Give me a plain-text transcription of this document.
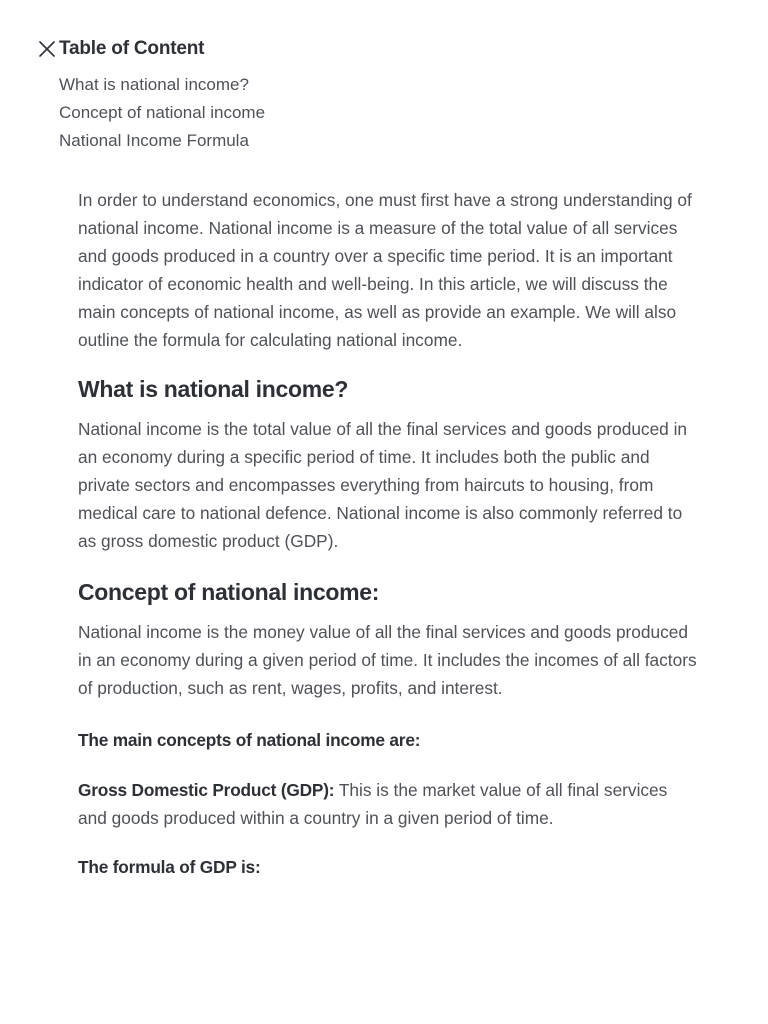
Table of Content
What is national income?
Concept of national income
National Income Formula

In order to understand economics, one must first have a strong understanding of national income. National income is a measure of the total value of all services and goods produced in a country over a specific time period. It is an important indicator of economic health and well-being. In this article, we will discuss the main concepts of national income, as well as provide an example. We will also outline the formula for calculating national income.

What is national income?

National income is the total value of all the final services and goods produced in an economy during a specific period of time. It includes both the public and private sectors and encompasses everything from haircuts to housing, from medical care to national defence. National income is also commonly referred to as gross domestic product (GDP).

Concept of national income:

National income is the money value of all the final services and goods produced in an economy during a given period of time. It includes the incomes of all factors of production, such as rent, wages, profits, and interest.

The main concepts of national income are:

Gross Domestic Product (GDP): This is the market value of all final services and goods produced within a country in a given period of time.

The formula of GDP is:
